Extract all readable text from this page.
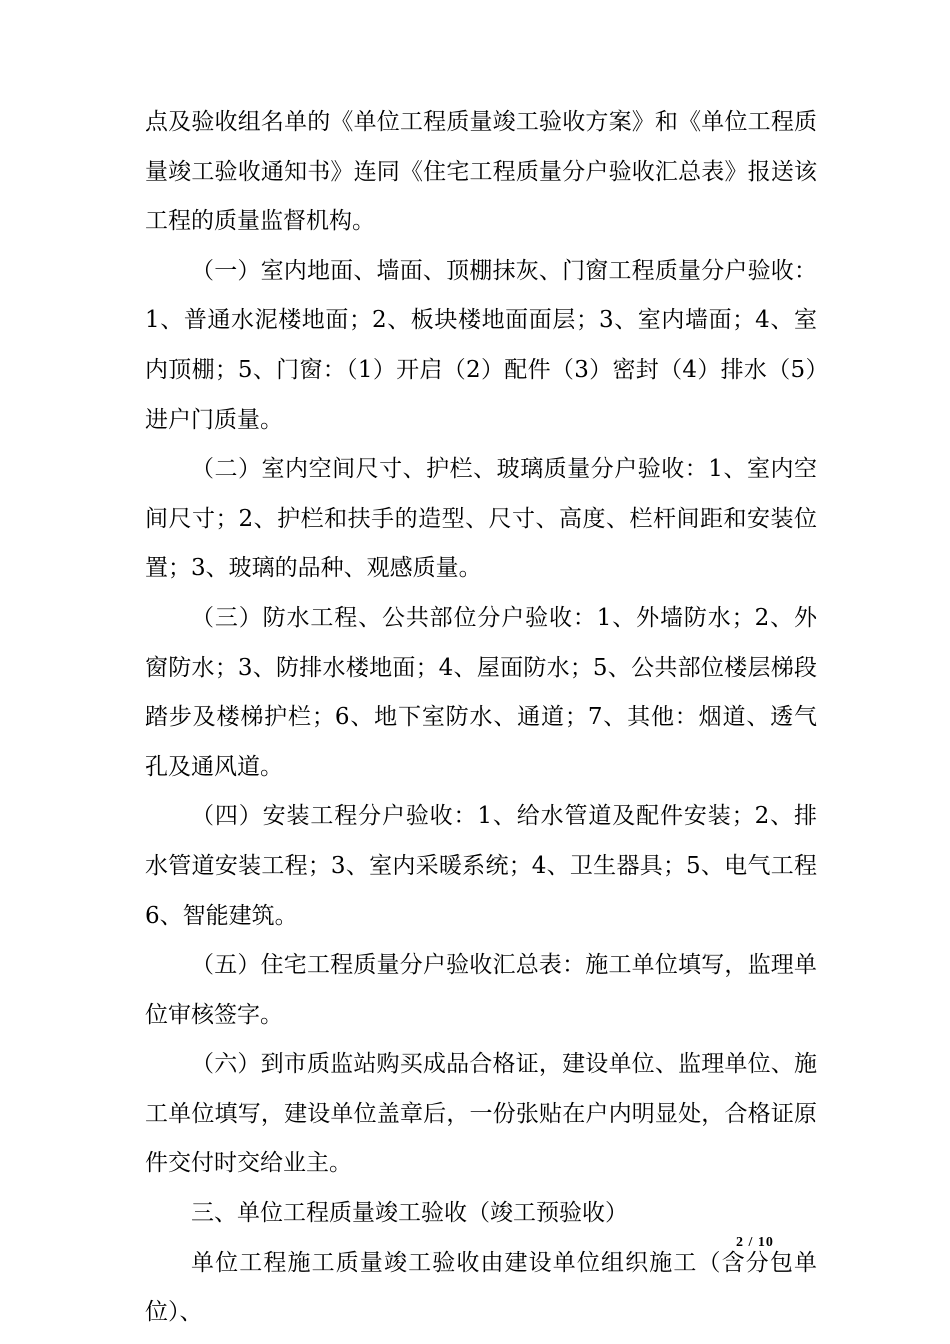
点及验收组名单的《单位工程质量竣工验收方案》和《单位工程质量竣工验收通知书》连同《住宅工程质量分户验收汇总表》报送该工程的质量监督机构。

（一）室内地面、墙面、顶棚抹灰、门窗工程质量分户验收：1、普通水泥楼地面；2、板块楼地面面层；3、室内墙面；4、室内顶棚；5、门窗：（1）开启（2）配件（3）密封（4）排水（5）进户门质量。

（二）室内空间尺寸、护栏、玻璃质量分户验收：1、室内空间尺寸；2、护栏和扶手的造型、尺寸、高度、栏杆间距和安装位置；3、玻璃的品种、观感质量。

（三）防水工程、公共部位分户验收：1、外墙防水；2、外窗防水；3、防排水楼地面；4、屋面防水；5、公共部位楼层梯段踏步及楼梯护栏；6、地下室防水、通道；7、其他：烟道、透气孔及通风道。

（四）安装工程分户验收：1、给水管道及配件安装；2、排水管道安装工程；3、室内采暖系统；4、卫生器具；5、电气工程 6、智能建筑。

（五）住宅工程质量分户验收汇总表：施工单位填写，监理单位审核签字。

（六）到市质监站购买成品合格证，建设单位、监理单位、施工单位填写，建设单位盖章后，一份张贴在户内明显处，合格证原件交付时交给业主。

三、单位工程质量竣工验收（竣工预验收）

单位工程施工质量竣工验收由建设单位组织施工（含分包单位）、

2 / 10
